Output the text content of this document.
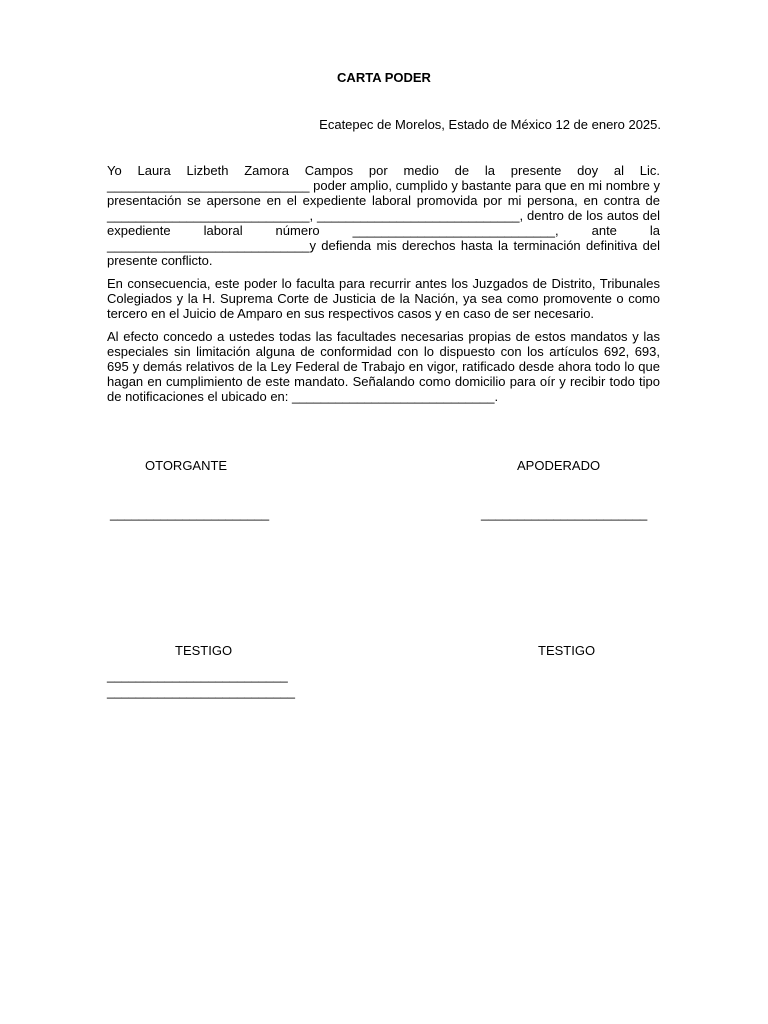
CARTA PODER
Ecatepec de Morelos, Estado de México 12 de enero 2025.

Yo Laura Lizbeth Zamora Campos por medio de la presente doy al Lic. ____________________________ poder amplio, cumplido y bastante para que en mi nombre y presentación se apersone en el expediente laboral promovida por mi persona, en contra de ____________________________, ____________________________, dentro de los autos del expediente laboral número ____________________________, ante la ____________________________y defienda mis derechos hasta la terminación definitiva del presente conflicto.

En consecuencia, este poder lo faculta para recurrir antes los Juzgados de Distrito, Tribunales Colegiados y la H. Suprema Corte de Justicia de la Nación, ya sea como promovente o como tercero en el Juicio de Amparo en sus respectivos casos y en caso de ser necesario.

Al efecto concedo a ustedes todas las facultades necesarias propias de estos mandatos y las especiales sin limitación alguna de conformidad con lo dispuesto con los artículos 692, 693, 695 y demás relativos de la Ley Federal de Trabajo en vigor, ratificado desde ahora todo lo que hagan en cumplimiento de este mandato. Señalando como domicilio para oír y recibir todo tipo de notificaciones el ubicado en: ____________________________.

OTORGANTE	APODERADO
______________________	_______________________
TESTIGO	TESTIGO
_________________________
__________________________
